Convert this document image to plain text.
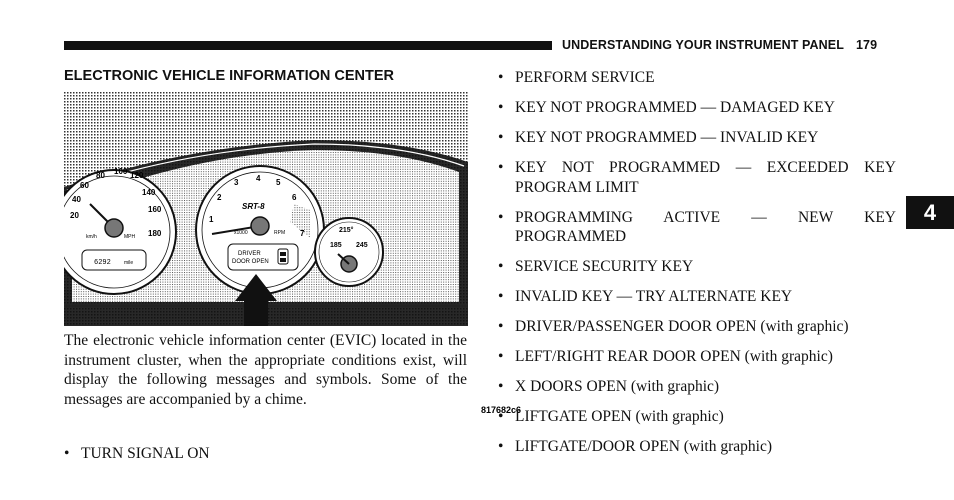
UNDERSTANDING YOUR INSTRUMENT PANEL 179
4
ELECTRONIC VEHICLE INFORMATION CENTER
20
40
60
80 100 120
140
160
180
km/h	MPH
6292	mile
1
2
3 4 5
6
7
SRT-8
x1000	RPM
DRIVER
DOOR OPEN
215°
185 245
817682c6
The electronic vehicle information center (EVIC) located in the instrument cluster, when the appropriate conditions exist, will display the following messages and symbols. Some of the messages are accompanied by a chime.
• TURN SIGNAL ON
• PERFORM SERVICE
• KEY NOT PROGRAMMED — DAMAGED KEY
• KEY NOT PROGRAMMED — INVALID KEY
• KEY NOT PROGRAMMED — EXCEEDED KEY PROGRAM LIMIT
• PROGRAMMING ACTIVE — NEW KEY PROGRAMMED
• SERVICE SECURITY KEY
• INVALID KEY — TRY ALTERNATE KEY
• DRIVER/PASSENGER DOOR OPEN (with graphic)
• LEFT/RIGHT REAR DOOR OPEN (with graphic)
• X DOORS OPEN (with graphic)
• LIFTGATE OPEN (with graphic)
• LIFTGATE/DOOR OPEN (with graphic)
